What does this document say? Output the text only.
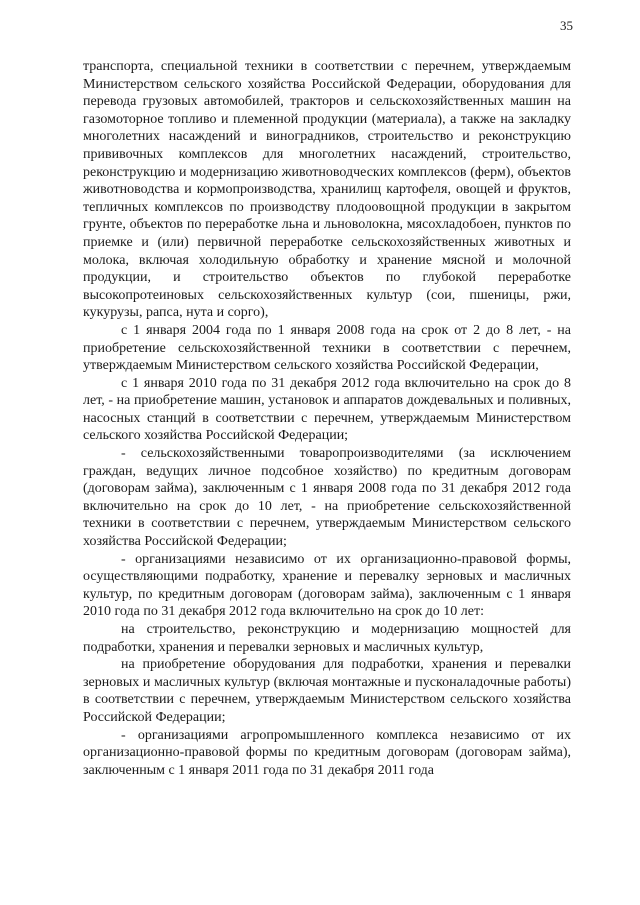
35

транспорта, специальной техники в соответствии с перечнем, утверждаемым Министерством сельского хозяйства Российской Федерации, оборудования для перевода грузовых автомобилей, тракторов и сельскохозяйственных машин на газомоторное топливо и племенной продукции (материала), а также на закладку многолетних насаждений и виноградников, строительство и реконструкцию прививочных комплексов для многолетних насаждений, строительство, реконструкцию и модернизацию животноводческих комплексов (ферм), объектов животноводства и кормопроизводства, хранилищ картофеля, овощей и фруктов, тепличных комплексов по производству плодоовощной продукции в закрытом грунте, объектов по переработке льна и льноволокна, мясохладобоен, пунктов по приемке и (или) первичной переработке сельскохозяйственных животных и молока, включая холодильную обработку и хранение мясной и молочной продукции, и строительство объектов по глубокой переработке высокопротеиновых сельскохозяйственных культур (сои, пшеницы, ржи, кукурузы, рапса, нута и сорго),

с 1 января 2004 года по 1 января 2008 года на срок от 2 до 8 лет, - на приобретение сельскохозяйственной техники в соответствии с перечнем, утверждаемым Министерством сельского хозяйства Российской Федерации,

с 1 января 2010 года по 31 декабря 2012 года включительно на срок до 8 лет, - на приобретение машин, установок и аппаратов дождевальных и поливных, насосных станций в соответствии с перечнем, утверждаемым Министерством сельского хозяйства Российской Федерации;

- сельскохозяйственными товаропроизводителями (за исключением граждан, ведущих личное подсобное хозяйство) по кредитным договорам (договорам займа), заключенным с 1 января 2008 года по 31 декабря 2012 года включительно на срок до 10 лет, - на приобретение сельскохозяйственной техники в соответствии с перечнем, утверждаемым Министерством сельского хозяйства Российской Федерации;

- организациями независимо от их организационно-правовой формы, осуществляющими подработку, хранение и перевалку зерновых и масличных культур, по кредитным договорам (договорам займа), заключенным с 1 января 2010 года по 31 декабря 2012 года включительно на срок до 10 лет:

на строительство, реконструкцию и модернизацию мощностей для подработки, хранения и перевалки зерновых и масличных культур,

на приобретение оборудования для подработки, хранения и перевалки зерновых и масличных культур (включая монтажные и пусконаладочные работы) в соответствии с перечнем, утверждаемым Министерством сельского хозяйства Российской Федерации;

- организациями агропромышленного комплекса независимо от их организационно-правовой формы по кредитным договорам (договорам займа), заключенным с 1 января 2011 года по 31 декабря 2011 года
